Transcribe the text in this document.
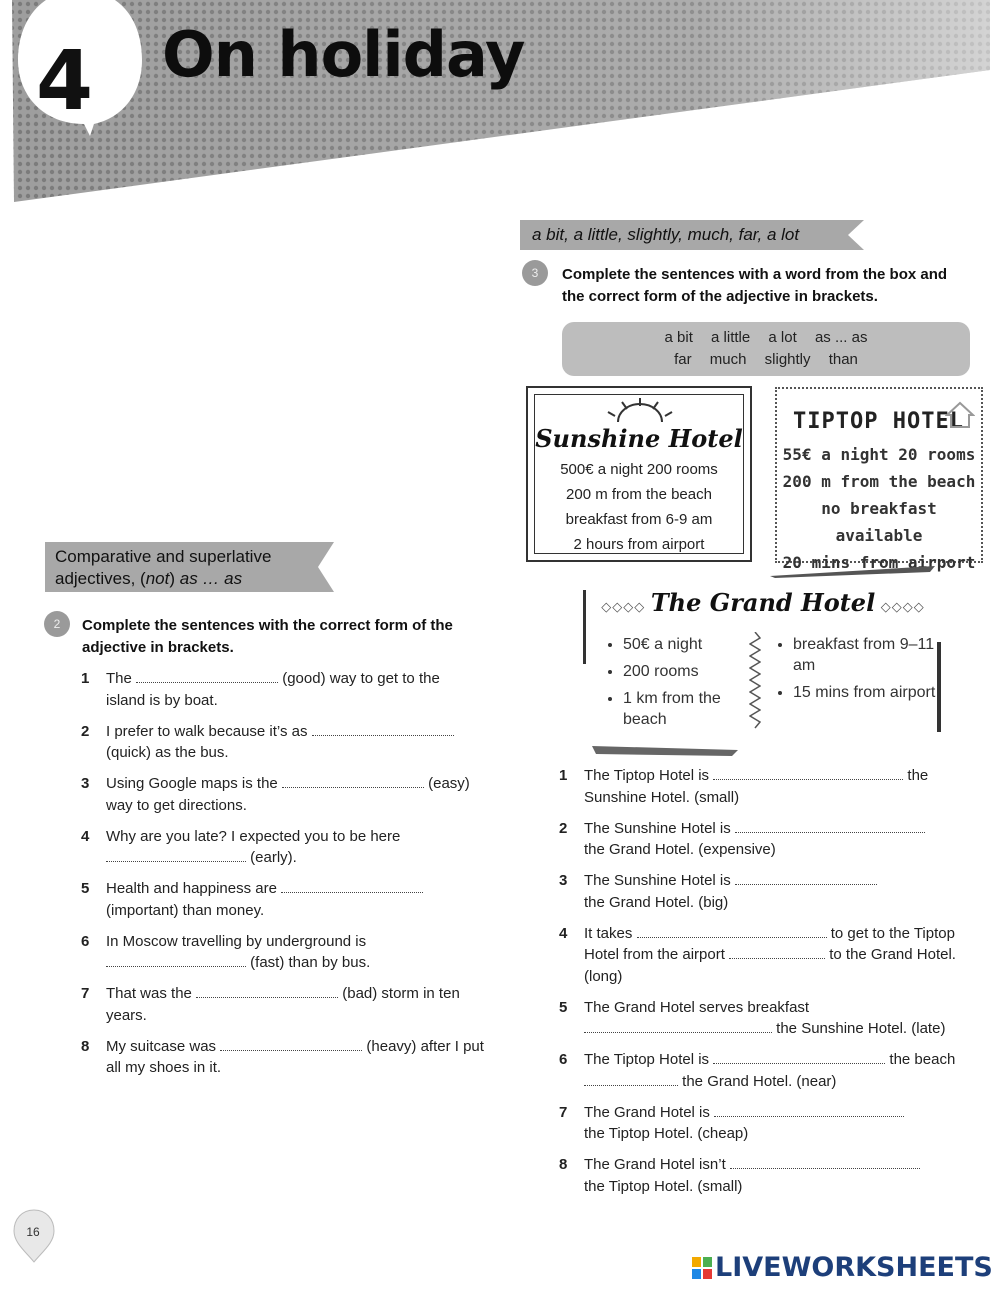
4 On holiday
a bit, a little, slightly, much, far, a lot
3	Complete the sentences with a word from the box and
the correct form of the adjective in brackets.
a bit a little a lot as ... as
far much slightly than
Sunshine Hotel
500€ a night 200 rooms
200 m from the beach
breakfast from 6-9 am
2 hours from airport
TIPTOP HOTEL
55€ a night 20 rooms
200 m from the beach
no breakfast available
20 mins from airport
◇◇◇◇ The Grand Hotel ◇◇◇◇
• 50€ a night
• 200 rooms
• 1 km from the beach
• breakfast from 9–11 am
• 15 mins from airport
1 The Tiptop Hotel is	the
Sunshine Hotel. (small)
2 The Sunshine Hotel is
the Grand Hotel. (expensive)
3 The Sunshine Hotel is
the Grand Hotel. (big)
4 It takes	to get to the Tiptop
Hotel from the airport	to the Grand Hotel.
(long)
5 The Grand Hotel serves breakfast
the Sunshine Hotel. (late)
6 The Tiptop Hotel is	the beach
the Grand Hotel. (near)
7 The Grand Hotel is
the Tiptop Hotel. (cheap)
8 The Grand Hotel isn’t
the Tiptop Hotel. (small)
Comparative and superlative
adjectives, (not) as … as
2	Complete the sentences with the correct form of the
adjective in brackets.
1 The	(good) way to get to the
island is by boat.
2 I prefer to walk because it’s as
(quick) as the bus.
3 Using Google maps is the	(easy)
way to get directions.
4 Why are you late? I expected you to be here
(early).
5 Health and happiness are
(important) than money.
6 In Moscow travelling by underground is
(fast) than by bus.
7 That was the	(bad) storm in ten
years.
8 My suitcase was	(heavy) after I put
all my shoes in it.
16
LIVEWORKSHEETS
